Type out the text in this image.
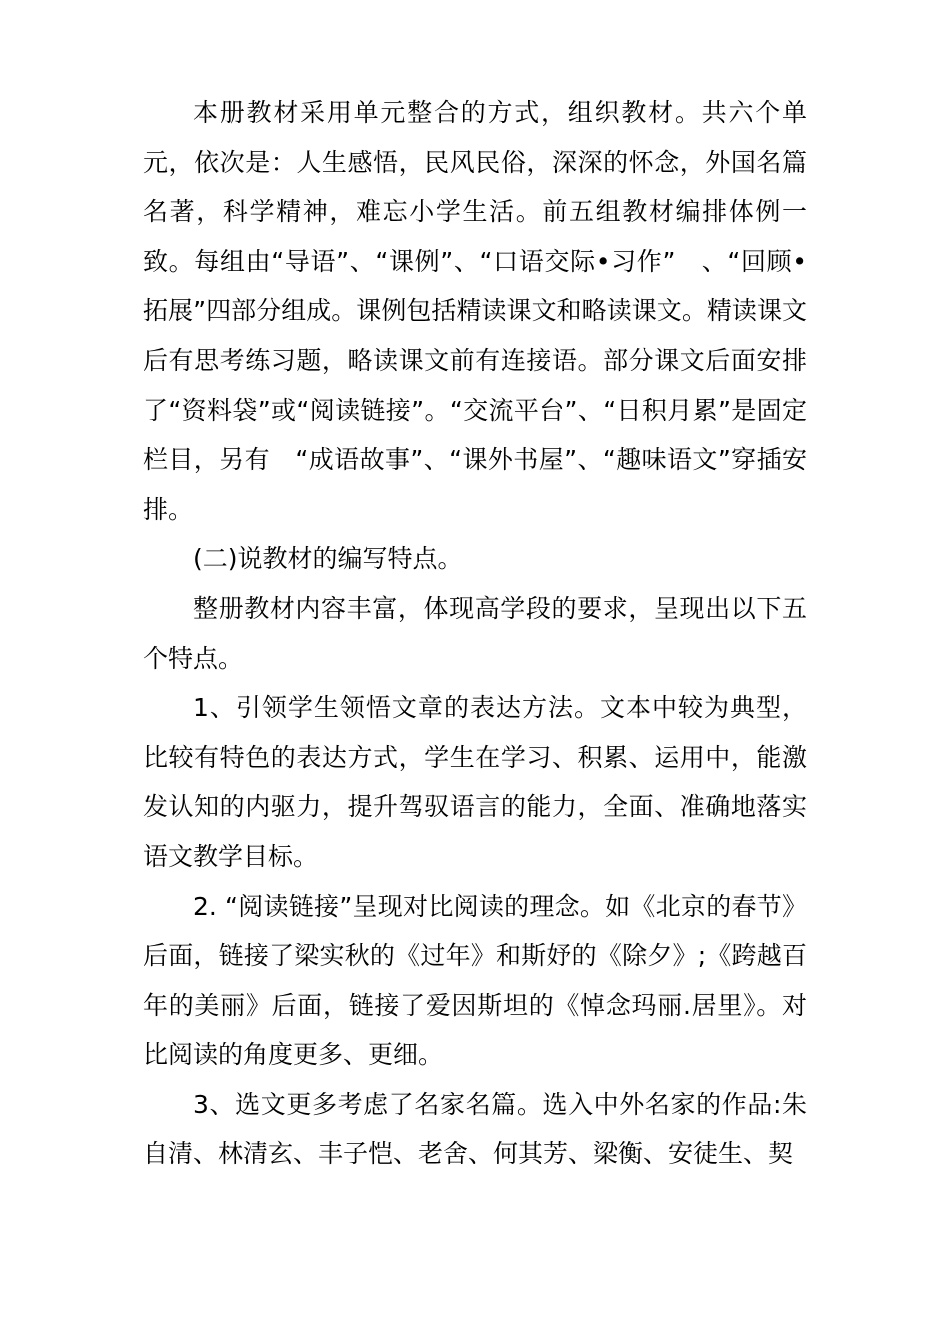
本册教材采用单元整合的方式，组织教材。共六个单元，依次是：人生感悟，民风民俗，深深的怀念，外国名篇名著，科学精神，难忘小学生活。前五组教材编排体例一致。每组由“导语”、“课例”、“口语交际•习作”　、“回顾•拓展”四部分组成。课例包括精读课文和略读课文。精读课文后有思考练习题，略读课文前有连接语。部分课文后面安排了“资料袋”或“阅读链接”。“交流平台”、“日积月累”是固定栏目，另有　“成语故事”、“课外书屋”、“趣味语文”穿插安排。

(二)说教材的编写特点。

整册教材内容丰富，体现高学段的要求，呈现出以下五个特点。

1、引领学生领悟文章的表达方法。文本中较为典型，比较有特色的表达方式，学生在学习、积累、运用中，能激发认知的内驱力，提升驾驭语言的能力，全面、准确地落实语文教学目标。

2. “阅读链接”呈现对比阅读的理念。如《北京的春节》后面，链接了梁实秋的《过年》和斯妤的《除夕》;《跨越百年的美丽》后面，链接了爱因斯坦的《悼念玛丽.居里》。对比阅读的角度更多、更细。

3、选文更多考虑了名家名篇。选入中外名家的作品:朱自清、林清玄、丰子恺、老舍、何其芳、梁衡、安徒生、契
